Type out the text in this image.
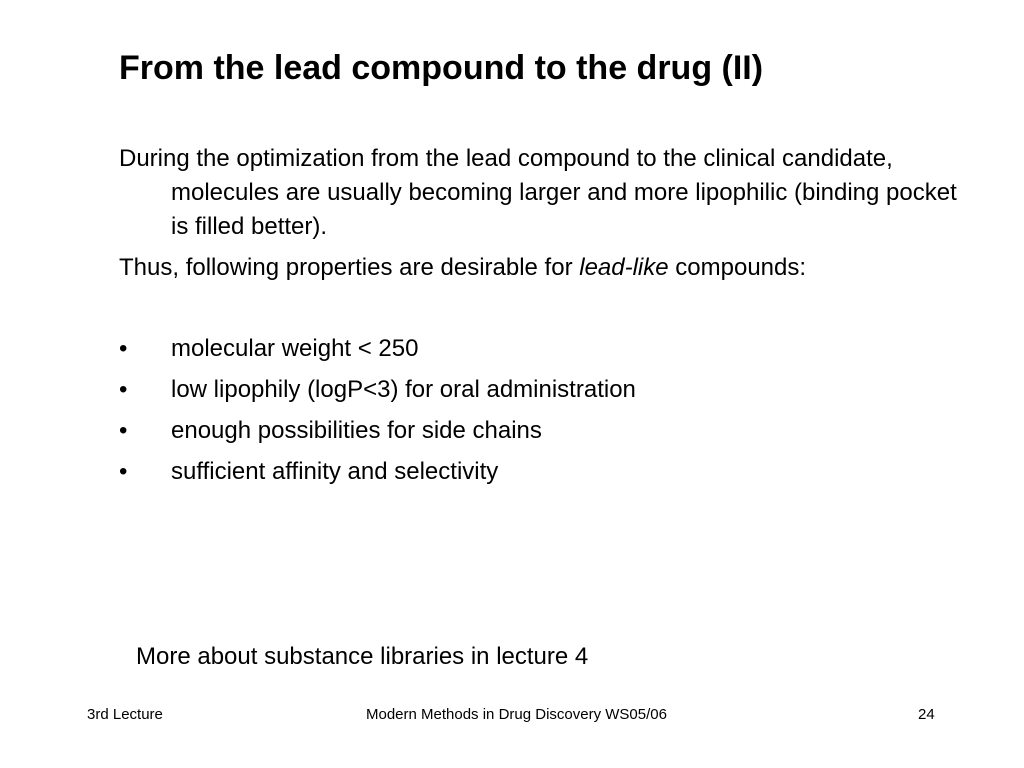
From the lead compound to the drug (II)

During the optimization from the lead compound to the clinical candidate, molecules are usually becoming larger and more lipophilic (binding pocket is filled better).

Thus, following properties are desirable for lead-like compounds:

• molecular weight < 250
• low lipophily (logP<3) for oral administration
• enough possibilities for side chains
• sufficient affinity and selectivity
More about substance libraries in lecture 4
3rd Lecture	Modern Methods in Drug Discovery WS05/06	24
